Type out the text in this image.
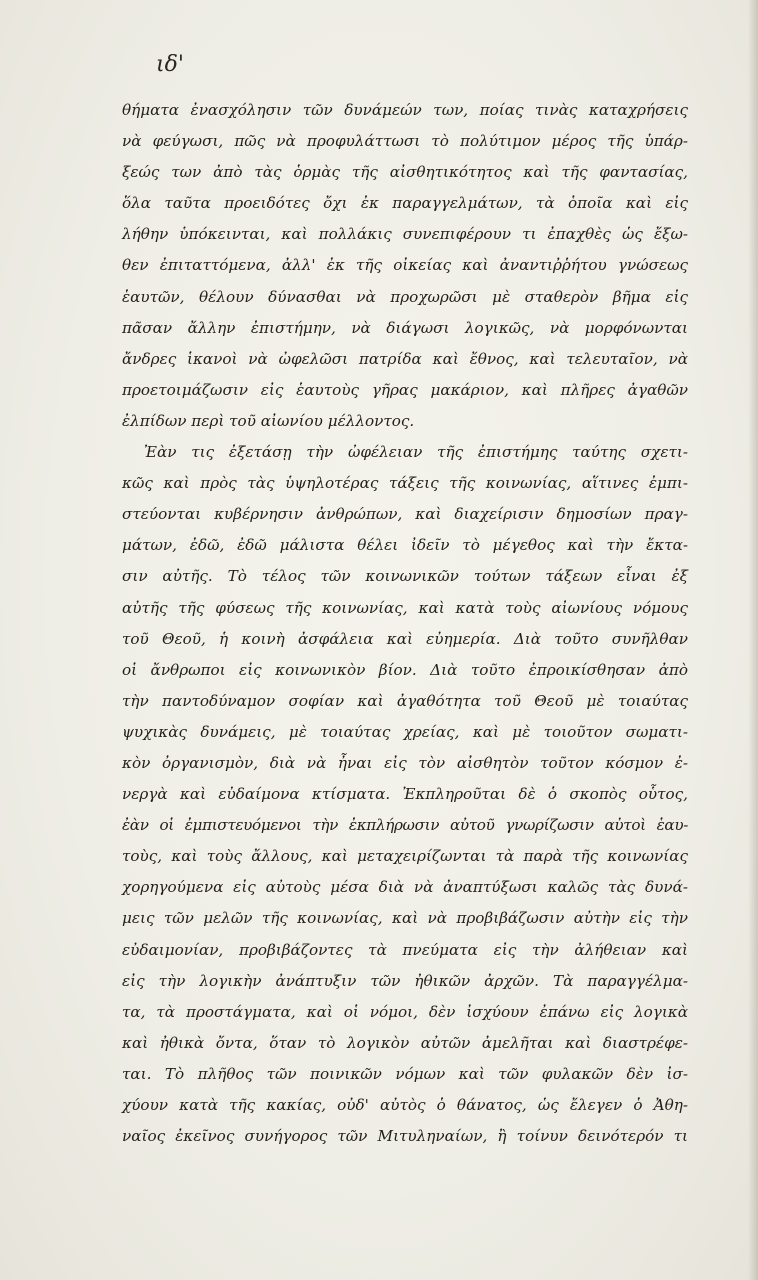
ιδ'
θήματα ἐνασχόλησιν τῶν δυνάμεών των, ποίας τινὰς καταχρήσεις
νὰ φεύγωσι, πῶς νὰ προφυλάττωσι τὸ πολύτιμον μέρος τῆς ὑπάρ-
ξεώς των ἀπὸ τὰς ὁρμὰς τῆς αἰσθητικότητος καὶ τῆς φαντασίας,
ὅλα ταῦτα προειδότες ὄχι ἐκ παραγγελμάτων, τὰ ὁποῖα καὶ εἰς
λήθην ὑπόκεινται, καὶ πολλάκις συνεπιφέρουν τι ἐπαχθὲς ὡς ἔξω-
θεν ἐπιταττόμενα, ἀλλ' ἐκ τῆς οἰκείας καὶ ἀναντιῤῥήτου γνώσεως
ἑαυτῶν, θέλουν δύνασθαι νὰ προχωρῶσι μὲ σταθερὸν βῆμα εἰς
πᾶσαν ἄλλην ἐπιστήμην, νὰ διάγωσι λογικῶς, νὰ μορφόνωνται
ἄνδρες ἱκανοὶ νὰ ὠφελῶσι πατρίδα καὶ ἔθνος, καὶ τελευταῖον, νὰ
προετοιμάζωσιν εἰς ἑαυτοὺς γῆρας μακάριον, καὶ πλῆρες ἀγαθῶν
ἐλπίδων περὶ τοῦ αἰωνίου μέλλοντος.
Ἐὰν τις ἐξετάσῃ τὴν ὠφέλειαν τῆς ἐπιστήμης ταύτης σχετι-
κῶς καὶ πρὸς τὰς ὑψηλοτέρας τάξεις τῆς κοινωνίας, αἵτινες ἐμπι-
στεύονται κυβέρνησιν ἀνθρώπων, καὶ διαχείρισιν δημοσίων πραγ-
μάτων, ἐδῶ, ἐδῶ μάλιστα θέλει ἰδεῖν τὸ μέγεθος καὶ τὴν ἔκτα-
σιν αὐτῆς. Τὸ τέλος τῶν κοινωνικῶν τούτων τάξεων εἶναι ἐξ
αὐτῆς τῆς φύσεως τῆς κοινωνίας, καὶ κατὰ τοὺς αἰωνίους νόμους
τοῦ Θεοῦ, ἡ κοινὴ ἀσφάλεια καὶ εὐημερία. Διὰ τοῦτο συνῆλθαν
οἱ ἄνθρωποι εἰς κοινωνικὸν βίον. Διὰ τοῦτο ἐπροικίσθησαν ἀπὸ
τὴν παντοδύναμον σοφίαν καὶ ἀγαθότητα τοῦ Θεοῦ μὲ τοιαύτας
ψυχικὰς δυνάμεις, μὲ τοιαύτας χρείας, καὶ μὲ τοιοῦτον σωματι-
κὸν ὀργανισμὸν, διὰ νὰ ἦναι εἰς τὸν αἰσθητὸν τοῦτον κόσμον ἐ-
νεργὰ καὶ εὐδαίμονα κτίσματα. Ἐκπληροῦται δὲ ὁ σκοπὸς οὗτος,
ἐὰν οἱ ἐμπιστευόμενοι τὴν ἐκπλήρωσιν αὐτοῦ γνωρίζωσιν αὐτοὶ ἑαυ-
τοὺς, καὶ τοὺς ἄλλους, καὶ μεταχειρίζωνται τὰ παρὰ τῆς κοινωνίας
χορηγούμενα εἰς αὐτοὺς μέσα διὰ νὰ ἀναπτύξωσι καλῶς τὰς δυνά-
μεις τῶν μελῶν τῆς κοινωνίας, καὶ νὰ προβιβάζωσιν αὐτὴν εἰς τὴν
εὐδαιμονίαν, προβιβάζοντες τὰ πνεύματα εἰς τὴν ἀλήθειαν καὶ
εἰς τὴν λογικὴν ἀνάπτυξιν τῶν ἠθικῶν ἀρχῶν. Τὰ παραγγέλμα-
τα, τὰ προστάγματα, καὶ οἱ νόμοι, δὲν ἰσχύουν ἐπάνω εἰς λογικὰ
καὶ ἠθικὰ ὄντα, ὅταν τὸ λογικὸν αὐτῶν ἀμελῆται καὶ διαστρέφε-
ται. Τὸ πλῆθος τῶν ποινικῶν νόμων καὶ τῶν φυλακῶν δὲν ἰσ-
χύουν κατὰ τῆς κακίας, οὐδ' αὐτὸς ὁ θάνατος, ὡς ἔλεγεν ὁ Ἀθη-
ναῖος ἐκεῖνος συνήγορος τῶν Μιτυληναίων, ἢ τοίνυν δεινότερόν τι
